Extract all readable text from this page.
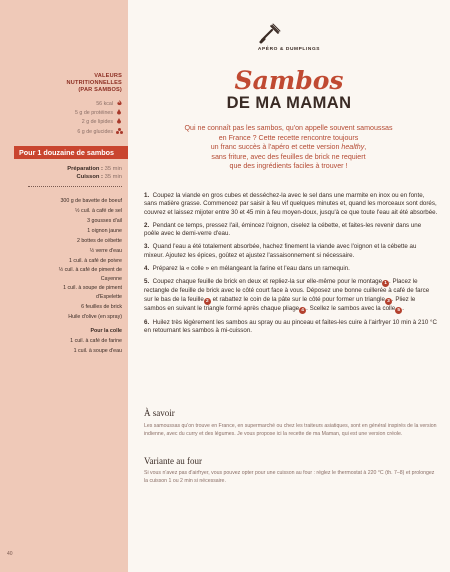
VALEURS
NUTRITIONNELLES
(PAR SAMBOS)
56 kcal
5 g de protéines
2 g de lipides
6 g de glucides
Pour 1 douzaine de sambos
Préparation : 35 min
Cuisson : 35 min
300 g de bavette de boeuf
½ cuil. à café de sel
3 gousses d'ail
1 oignon jaune
2 bottes de cébette
½ verre d'eau
1 cuil. à café de poivre
½ cuil. à café de piment de
Cayenne
1 cuil. à soupe de piment
d'Espelette
6 feuilles de brick
Huile d'olive (en spray)
Pour la colle
1 cuil. à café de farine
1 cuil. à soupe d'eau
40
APÉRO & DUMPLINGS
Sambos
DE MA MAMAN
Qui ne connaît pas les sambos, qu'on appelle souvent samoussas
en France ? Cette recette rencontre toujours
un franc succès à l'apéro et cette version healthy,
sans friture, avec des feuilles de brick ne requiert
que des ingrédients faciles à trouver !
1. Coupez la viande en gros cubes et desséchez-la avec le sel dans une marmite en inox ou en fonte, sans matière grasse. Commencez par saisir à feu vif quelques minutes et, quand les morceaux sont dorés, couvrez et laissez mijoter entre 30 et 45 min à feu moyen-doux, jusqu'à ce que toute l'eau ait été absorbée.
2. Pendant ce temps, pressez l'ail, émincez l'oignon, ciselez la cébette, et faites-les revenir dans une poêle avec le demi-verre d'eau.
3. Quand l'eau a été totalement absorbée, hachez finement la viande avec l'oignon et la cébette au mixeur. Ajoutez les épices, goûtez et ajustez l'assaisonnement si nécessaire.
4. Préparez la « colle » en mélangeant la farine et l'eau dans un ramequin.
5. Coupez chaque feuille de brick en deux et repliez-la sur elle-même pour le montage 1 . Placez le rectangle de feuille de brick avec le côté court face à vous. Déposez une bonne cuillerée à café de farce sur le bas de la feuille 2 et rabattez le coin de la pâte sur le côté pour former un triangle 3 . Pliez le sambos en suivant le triangle formé après chaque pliage 4 . Scellez le sambos avec la colle 5 .
6. Huilez très légèrement les sambos au spray ou au pinceau et faites-les cuire à l'airfryer 10 min à 210 °C en retournant les sambos à mi-cuisson.
À savoir
Les samoussas qu'on trouve en France, en supermarché ou chez les traiteurs asiatiques, sont en général inspirés de la version indienne, avec du curry et des légumes. Je vous propose ici la recette de ma Maman, qui est une version créole.
Variante au four
Si vous n'avez pas d'airfryer, vous pouvez opter pour une cuisson au four : réglez le thermostat à 220 °C (th. 7–8) et prolongez la cuisson 1 ou 2 min si nécessaire.
